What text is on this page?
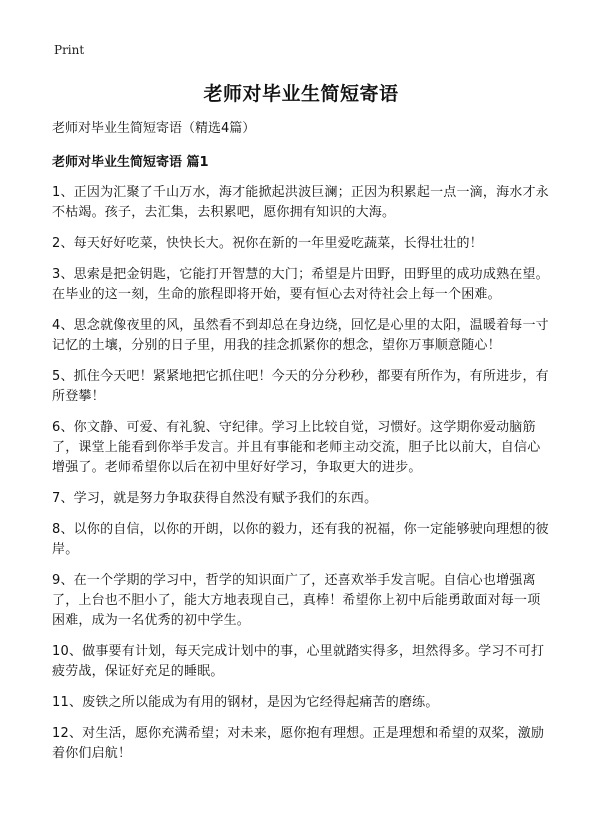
Print
老师对毕业生简短寄语
老师对毕业生简短寄语（精选4篇）
老师对毕业生简短寄语 篇1
1、正因为汇聚了千山万水，海才能掀起洪波巨澜；正因为积累起一点一滴，海水才永不枯竭。孩子，去汇集，去积累吧，愿你拥有知识的大海。
2、每天好好吃菜，快快长大。祝你在新的一年里爱吃蔬菜，长得壮壮的！
3、思索是把金钥匙，它能打开智慧的大门；希望是片田野，田野里的成功成熟在望。在毕业的这一刻，生命的旅程即将开始，要有恒心去对待社会上每一个困难。
4、思念就像夜里的风，虽然看不到却总在身边绕，回忆是心里的太阳，温暖着每一寸记忆的土壤，分别的日子里，用我的挂念抓紧你的想念，望你万事顺意随心！
5、抓住今天吧！紧紧地把它抓住吧！今天的分分秒秒，都要有所作为，有所进步，有所登攀！
6、你文静、可爱、有礼貌、守纪律。学习上比较自觉，习惯好。这学期你爱动脑筋了，课堂上能看到你举手发言。并且有事能和老师主动交流，胆子比以前大，自信心增强了。老师希望你以后在初中里好好学习，争取更大的进步。
7、学习，就是努力争取获得自然没有赋予我们的东西。
8、以你的自信，以你的开朗，以你的毅力，还有我的祝福，你一定能够驶向理想的彼岸。
9、在一个学期的学习中，哲学的知识面广了，还喜欢举手发言呢。自信心也增强离了，上台也不胆小了，能大方地表现自己，真棒！希望你上初中后能勇敢面对每一项困难，成为一名优秀的初中学生。
10、做事要有计划，每天完成计划中的事，心里就踏实得多，坦然得多。学习不可打疲劳战，保证好充足的睡眠。
11、废铁之所以能成为有用的钢材，是因为它经得起痛苦的磨练。
12、对生活，愿你充满希望；对未来，愿你抱有理想。正是理想和希望的双桨，激励着你们启航！
